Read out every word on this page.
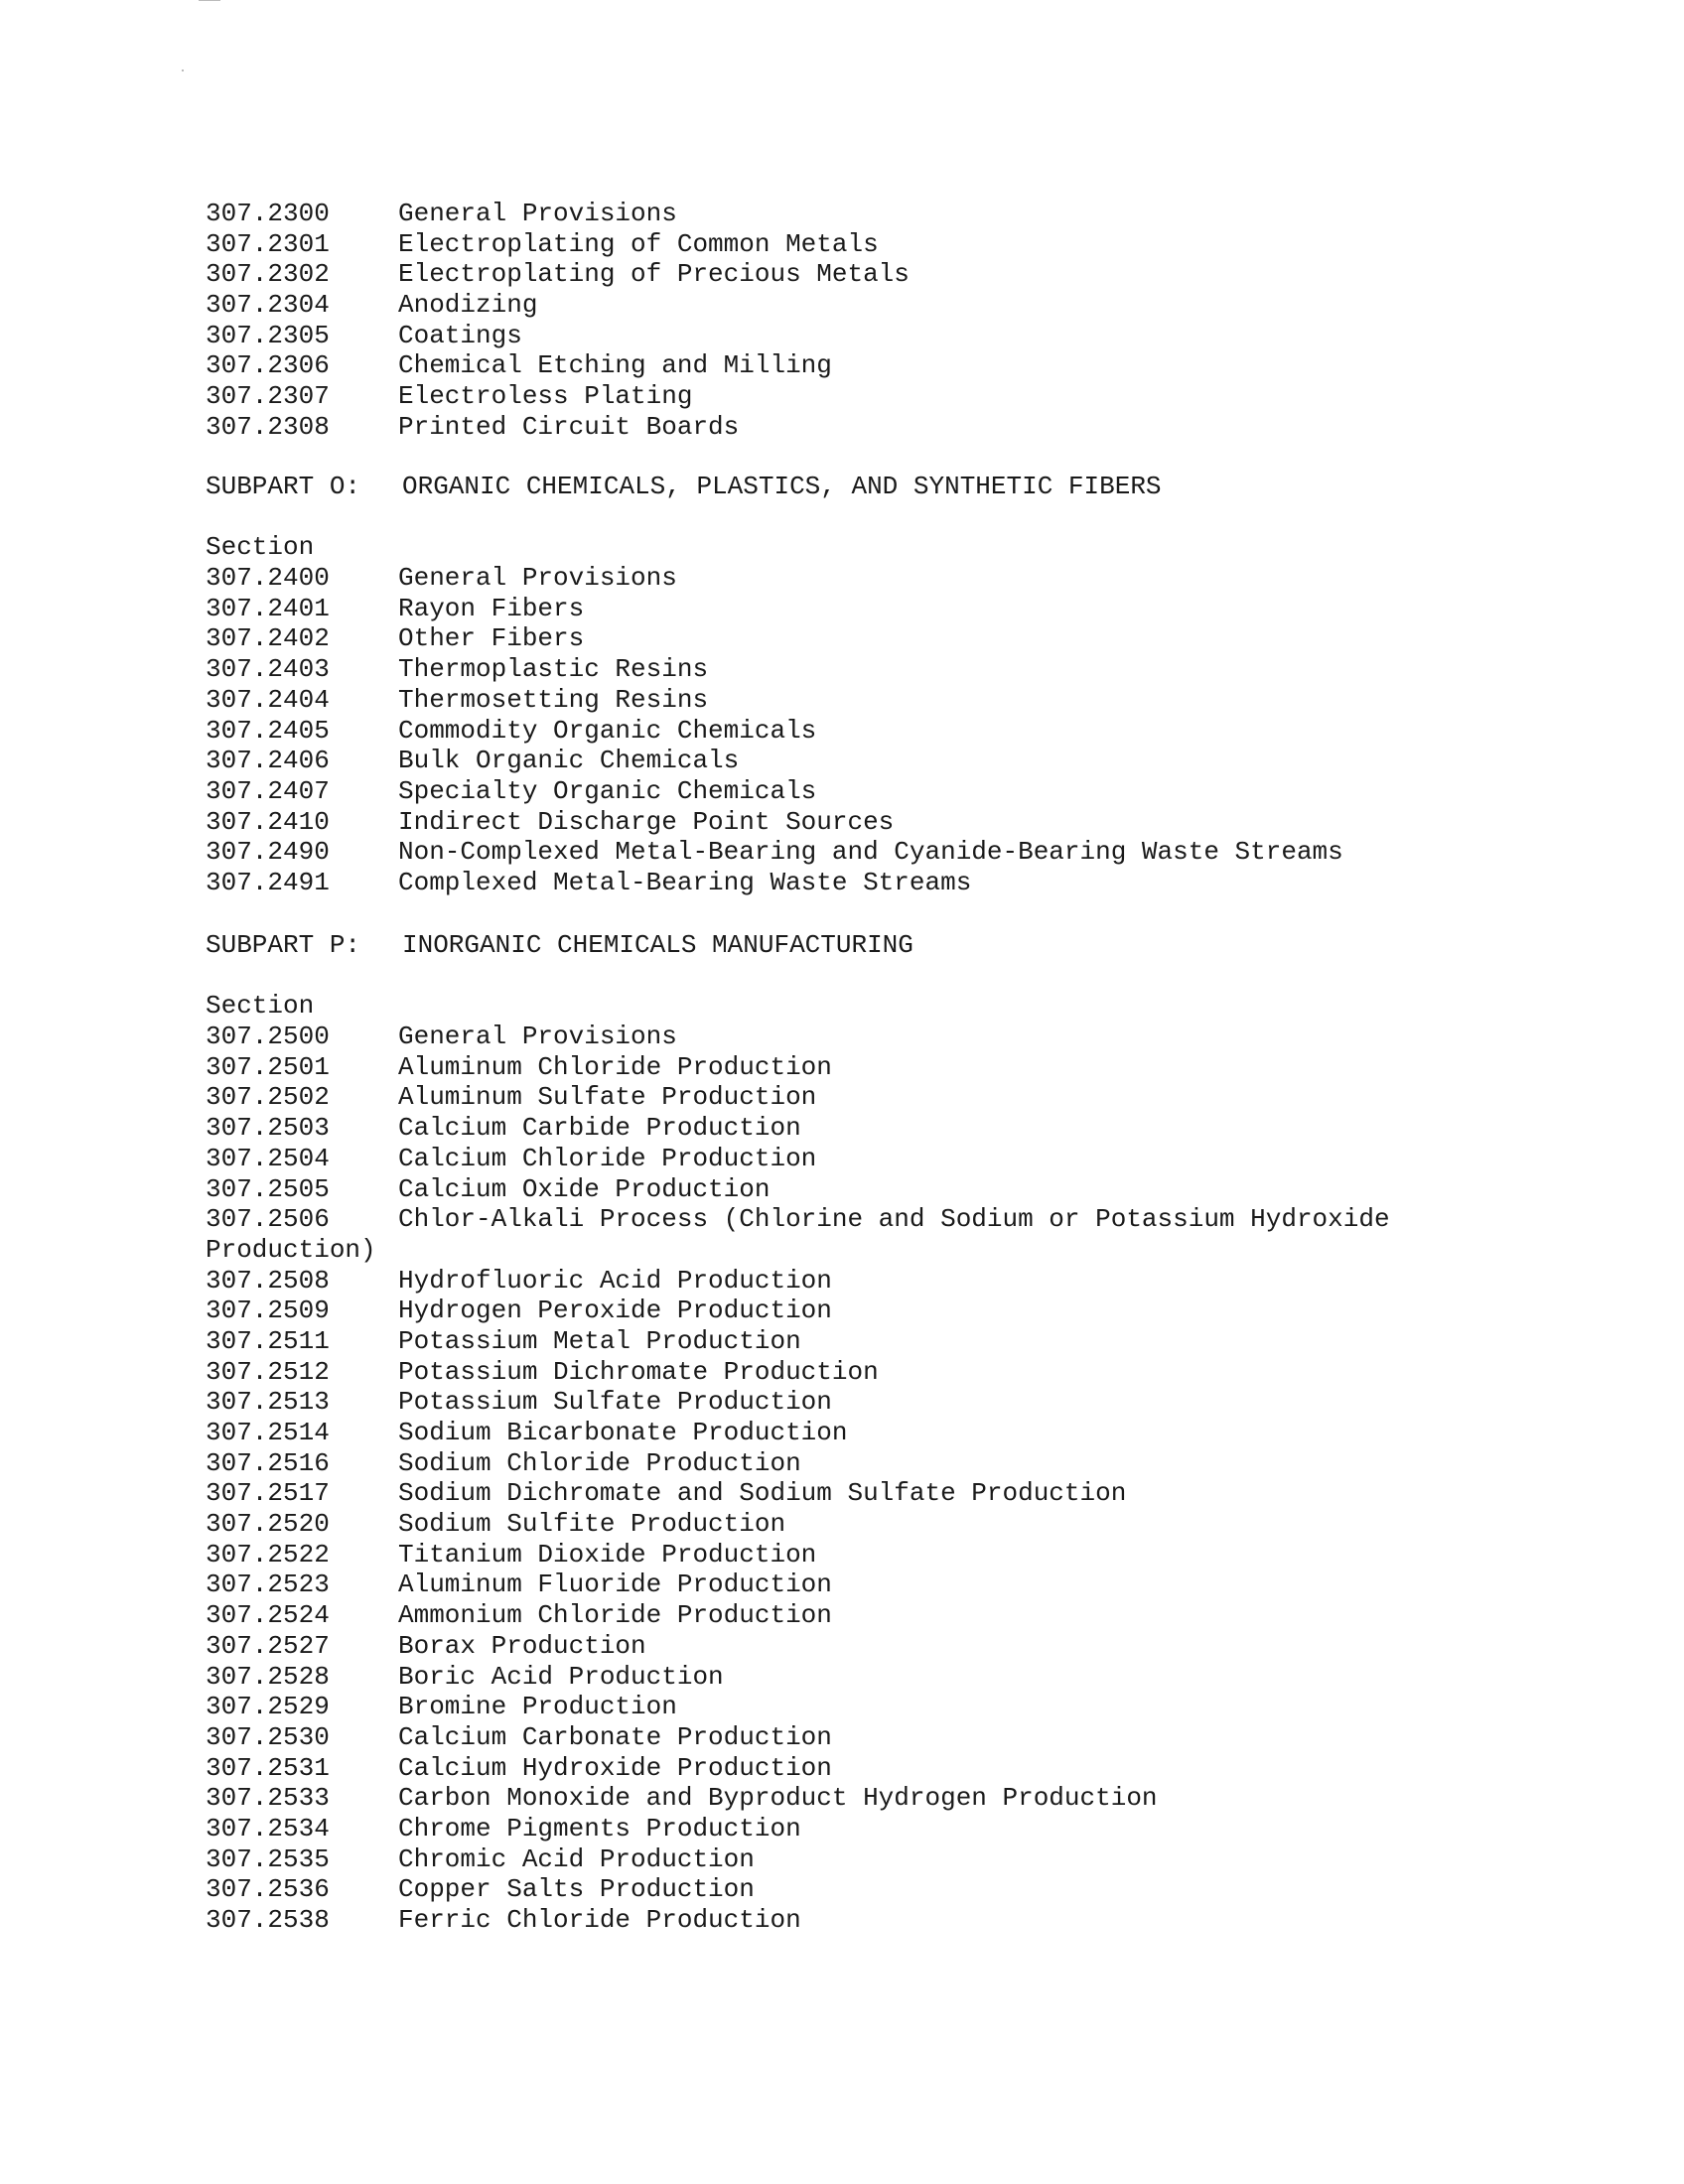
307.2300	General Provisions
307.2301	Electroplating of Common Metals
307.2302	Electroplating of Precious Metals
307.2304	Anodizing
307.2305	Coatings
307.2306	Chemical Etching and Milling
307.2307	Electroless Plating
307.2308	Printed Circuit Boards
SUBPART O: ORGANIC CHEMICALS, PLASTICS, AND SYNTHETIC FIBERS
Section
307.2400	General Provisions
307.2401	Rayon Fibers
307.2402	Other Fibers
307.2403	Thermoplastic Resins
307.2404	Thermosetting Resins
307.2405	Commodity Organic Chemicals
307.2406	Bulk Organic Chemicals
307.2407	Specialty Organic Chemicals
307.2410	Indirect Discharge Point Sources
307.2490	Non-Complexed Metal-Bearing and Cyanide-Bearing Waste Streams
307.2491	Complexed Metal-Bearing Waste Streams
SUBPART P: INORGANIC CHEMICALS MANUFACTURING
Section
307.2500	General Provisions
307.2501	Aluminum Chloride Production
307.2502	Aluminum Sulfate Production
307.2503	Calcium Carbide Production
307.2504	Calcium Chloride Production
307.2505	Calcium Oxide Production
307.2506	Chlor-Alkali Process (Chlorine and Sodium or Potassium Hydroxide
Production)
307.2508	Hydrofluoric Acid Production
307.2509	Hydrogen Peroxide Production
307.2511	Potassium Metal Production
307.2512	Potassium Dichromate Production
307.2513	Potassium Sulfate Production
307.2514	Sodium Bicarbonate Production
307.2516	Sodium Chloride Production
307.2517	Sodium Dichromate and Sodium Sulfate Production
307.2520	Sodium Sulfite Production
307.2522	Titanium Dioxide Production
307.2523	Aluminum Fluoride Production
307.2524	Ammonium Chloride Production
307.2527	Borax Production
307.2528	Boric Acid Production
307.2529	Bromine Production
307.2530	Calcium Carbonate Production
307.2531	Calcium Hydroxide Production
307.2533	Carbon Monoxide and Byproduct Hydrogen Production
307.2534	Chrome Pigments Production
307.2535	Chromic Acid Production
307.2536	Copper Salts Production
307.2538	Ferric Chloride Production
